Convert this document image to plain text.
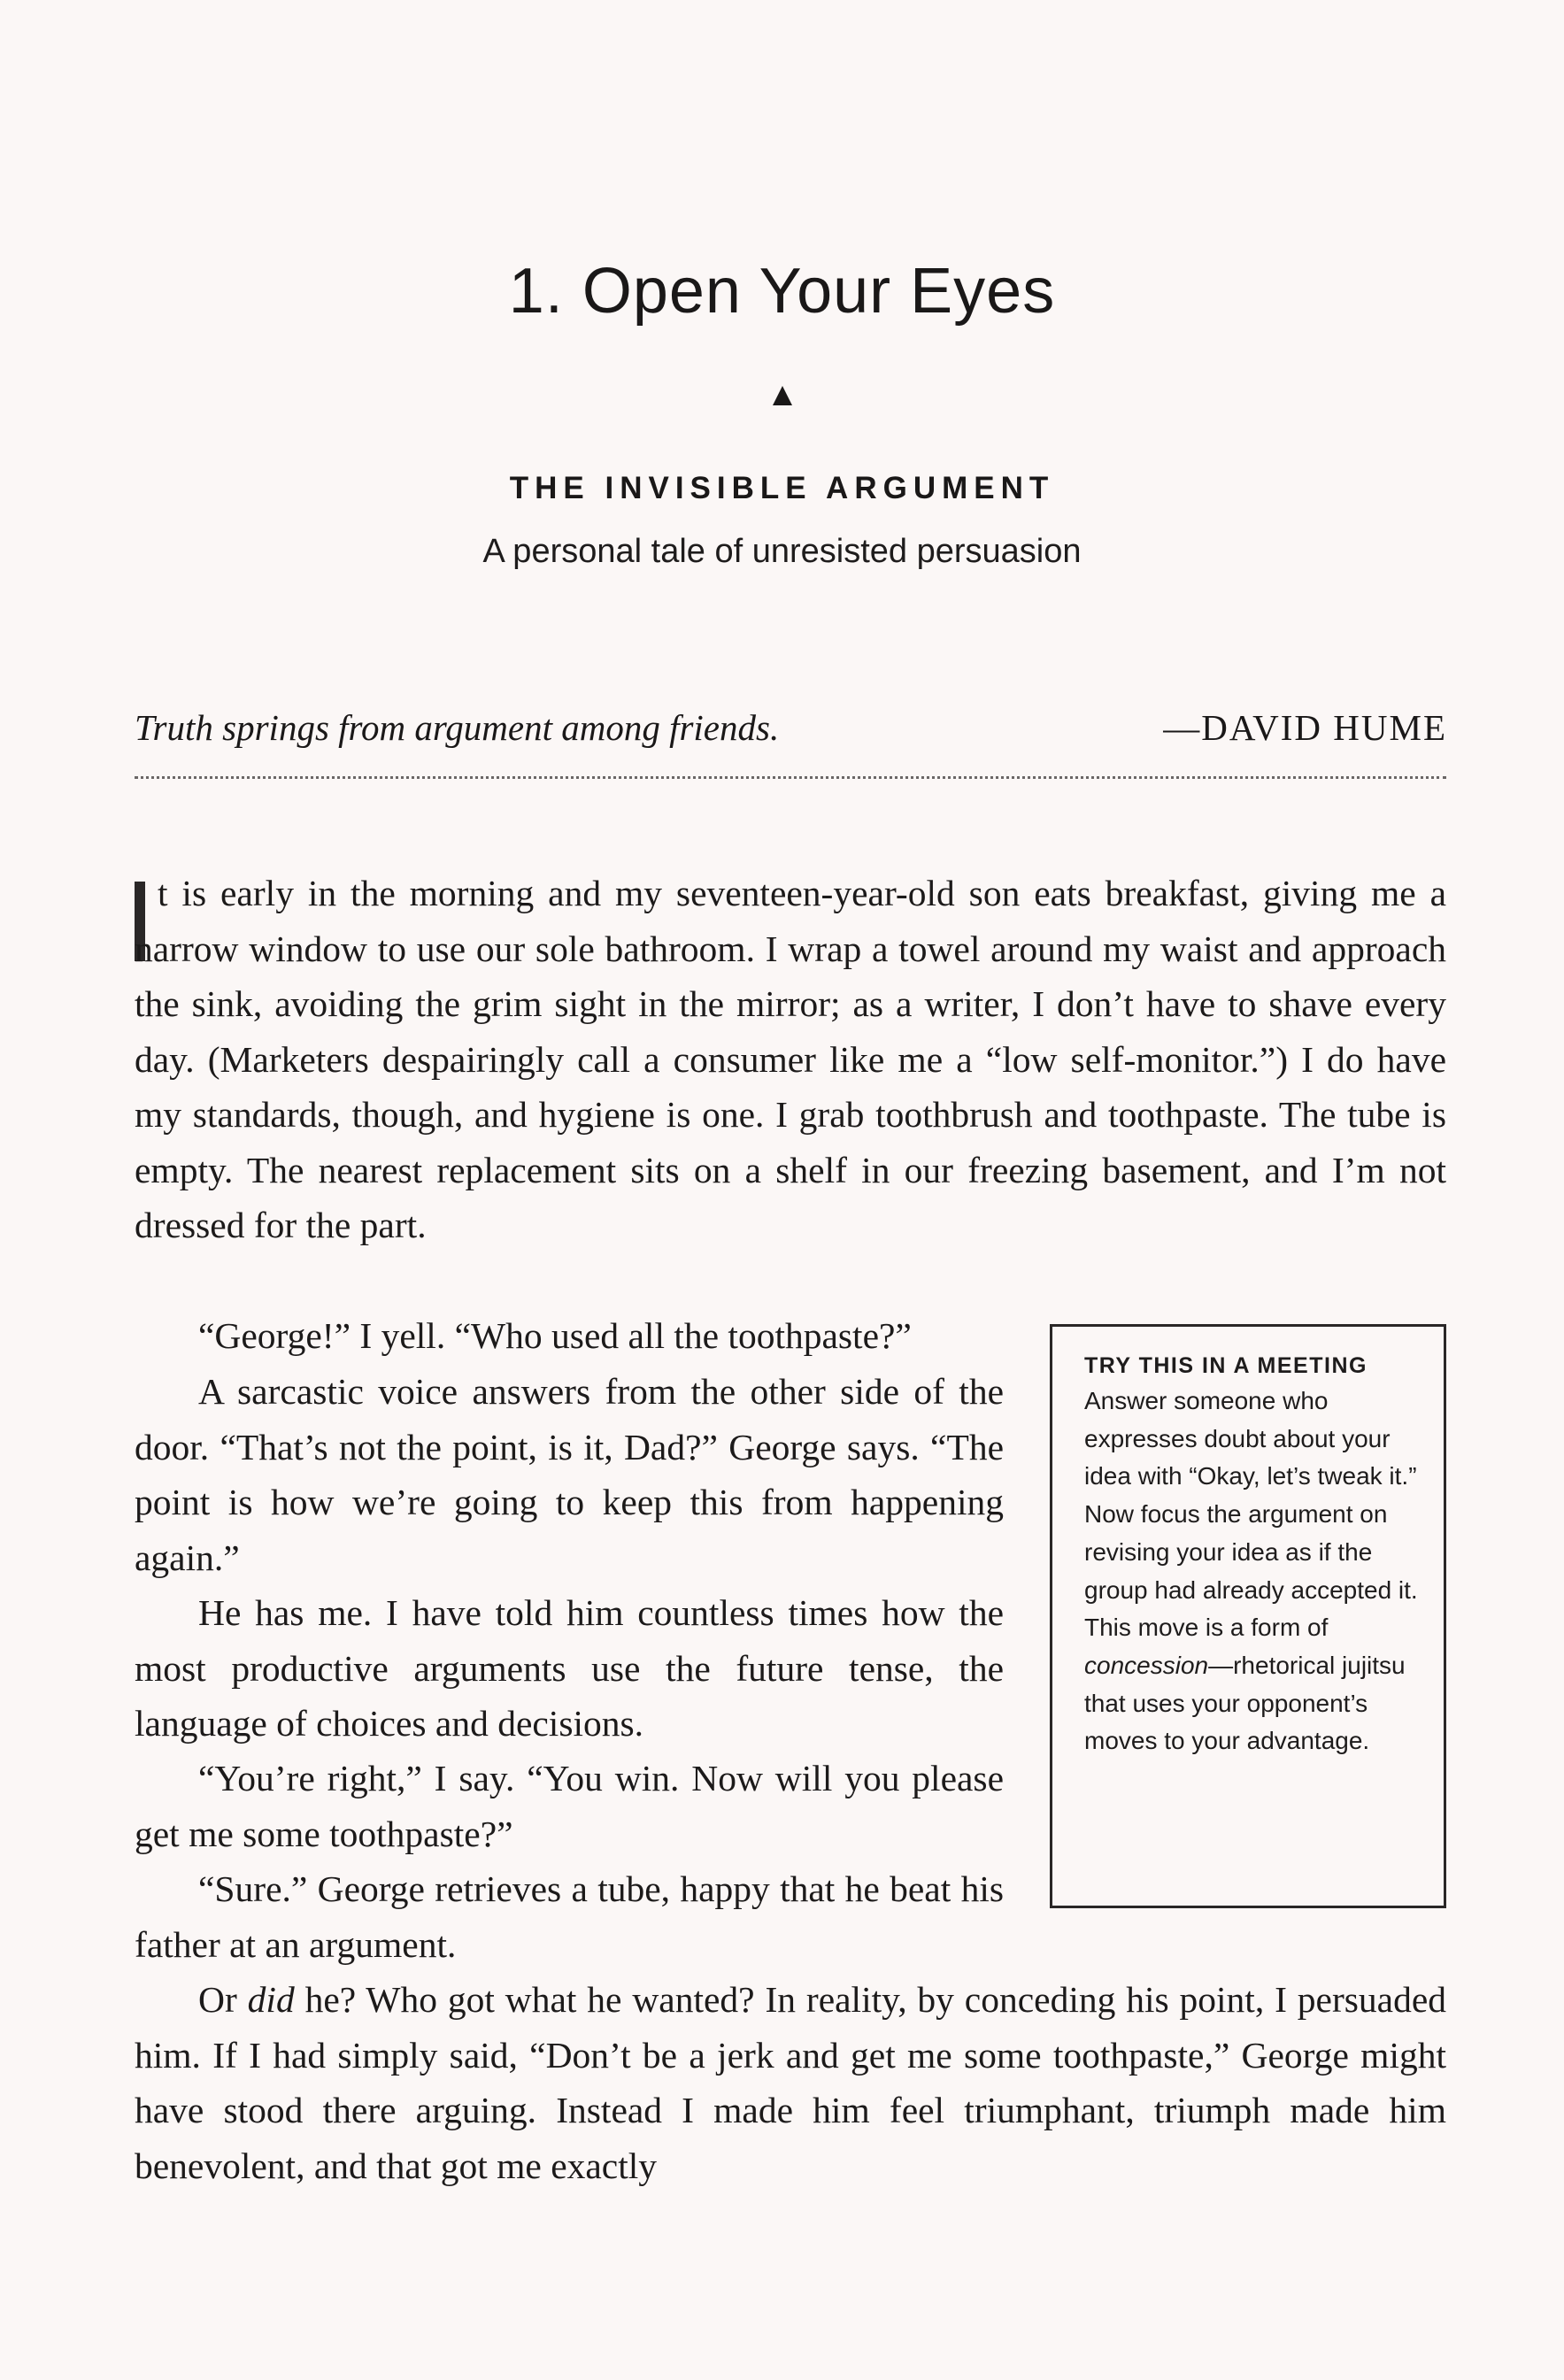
1. Open Your Eyes
THE INVISIBLE ARGUMENT
A personal tale of unresisted persuasion
Truth springs from argument among friends.	—DAVID HUME

t is early in the morning and my seventeen-year-old son eats breakfast, giving me a narrow window to use our sole bathroom. I wrap a towel around my waist and approach the sink, avoiding the grim sight in the mirror; as a writer, I don’t have to shave every day. (Marketers despairingly call a consumer like me a “low self-monitor.”) I do have my standards, though, and hygiene is one. I grab toothbrush and toothpaste. The tube is empty. The nearest replacement sits on a shelf in our freezing basement, and I’m not dressed for the part.

“George!” I yell. “Who used all the toothpaste?”

A sarcastic voice answers from the other side of the door. “That’s not the point, is it, Dad?” George says. “The point is how we’re going to keep this from happening again.”

He has me. I have told him countless times how the most productive arguments use the future tense, the language of choices and decisions.

“You’re right,” I say. “You win. Now will you please get me some toothpaste?”

“Sure.” George retrieves a tube, happy that he beat his father at an argument.

Or did he? Who got what he wanted? In reality, by conceding his point, I persuaded him. If I had simply said, “Don’t be a jerk and get me some toothpaste,” George might have stood there arguing. Instead I made him feel triumphant, triumph made him benevolent, and that got me exactly

TRY THIS IN A MEETING
Answer someone who expresses doubt about your idea with “Okay, let’s tweak it.” Now focus the argument on revising your idea as if the group had already accepted it. This move is a form of concession—rhetorical jujitsu that uses your opponent’s moves to your advantage.
